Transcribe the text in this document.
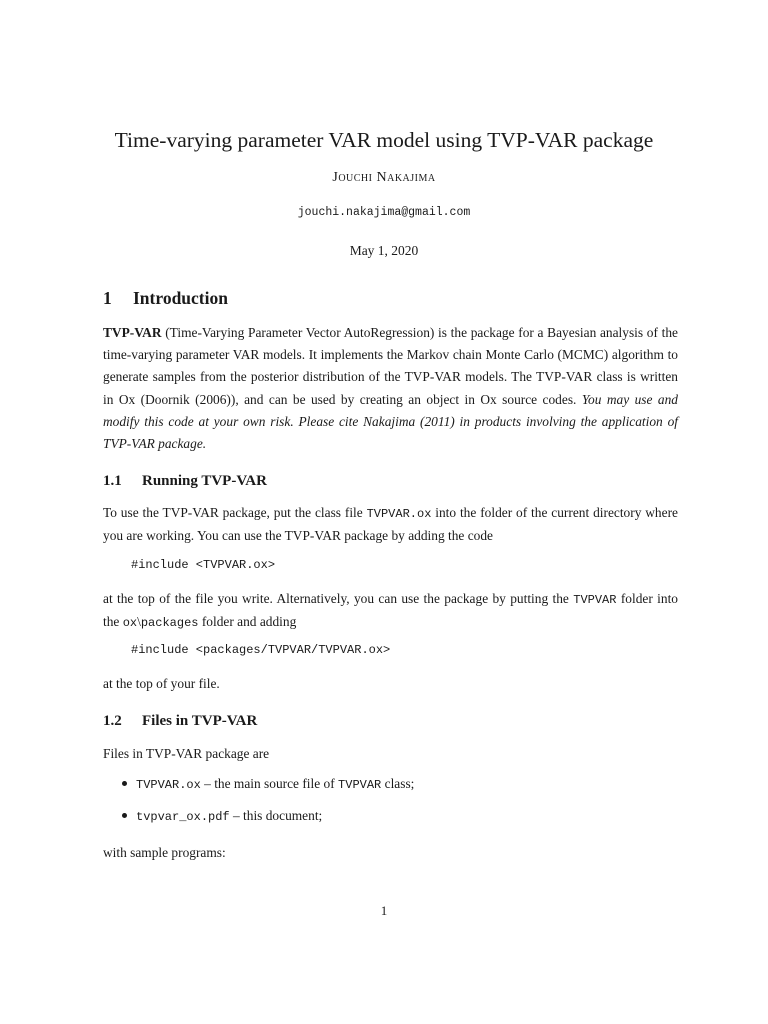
Time-varying parameter VAR model using TVP-VAR package
Jouchi Nakajima
jouchi.nakajima@gmail.com
May 1, 2020
1 Introduction
TVP-VAR (Time-Varying Parameter Vector AutoRegression) is the package for a Bayesian analysis of the time-varying parameter VAR models. It implements the Markov chain Monte Carlo (MCMC) algorithm to generate samples from the posterior distribution of the TVP-VAR models. The TVP-VAR class is written in Ox (Doornik (2006)), and can be used by creating an object in Ox source codes. You may use and modify this code at your own risk. Please cite Nakajima (2011) in products involving the application of TVP-VAR package.
1.1 Running TVP-VAR
To use the TVP-VAR package, put the class file TVPVAR.ox into the folder of the current directory where you are working. You can use the TVP-VAR package by adding the code
#include <TVPVAR.ox>
at the top of the file you write. Alternatively, you can use the package by putting the TVPVAR folder into the ox\packages folder and adding
#include <packages/TVPVAR/TVPVAR.ox>
at the top of your file.
1.2 Files in TVP-VAR
Files in TVP-VAR package are
TVPVAR.ox – the main source file of TVPVAR class;
tvpvar_ox.pdf – this document;
with sample programs:
1
